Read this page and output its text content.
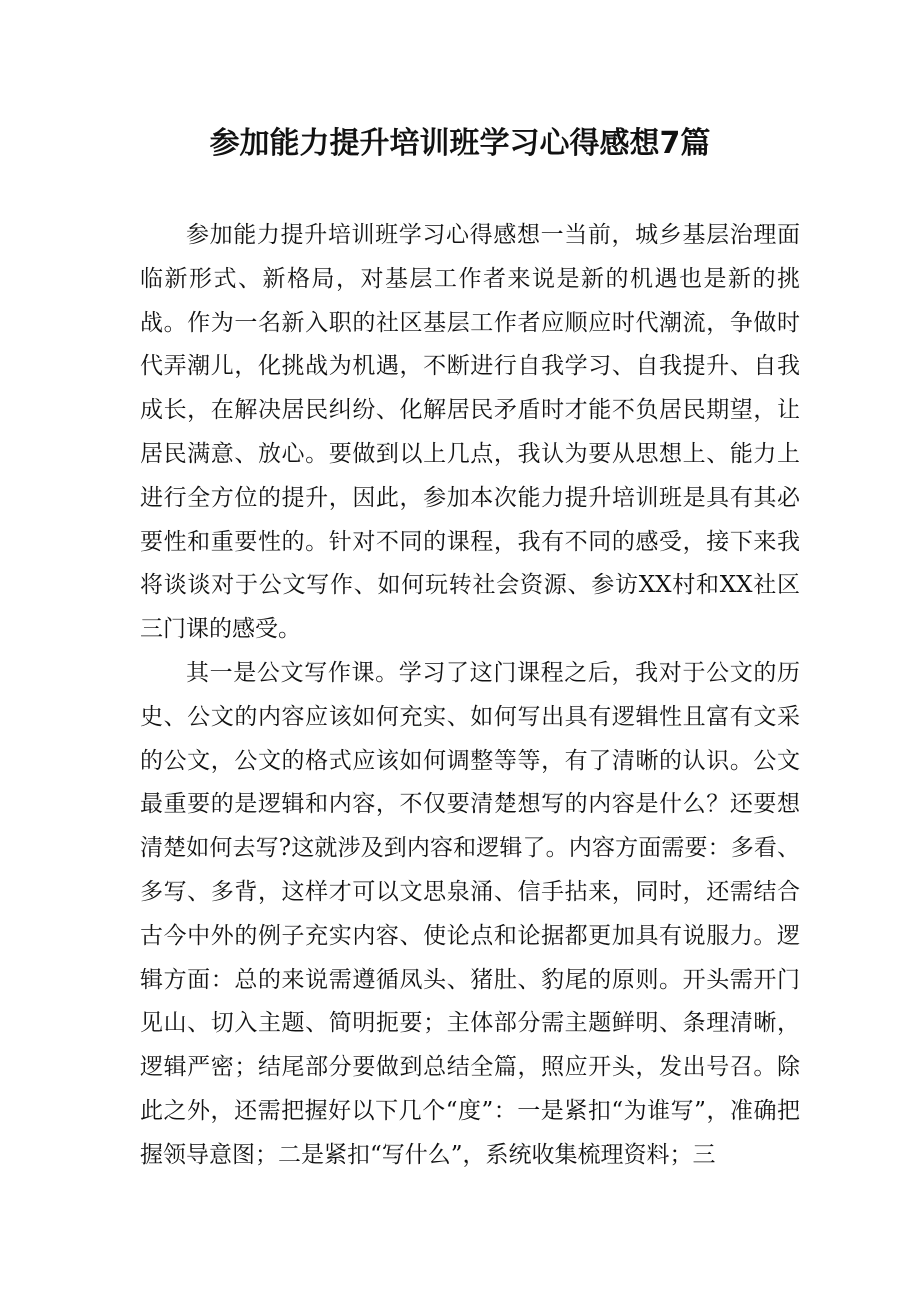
参加能力提升培训班学习心得感想7篇

参加能力提升培训班学习心得感想一当前，城乡基层治理面临新形式、新格局，对基层工作者来说是新的机遇也是新的挑战。作为一名新入职的社区基层工作者应顺应时代潮流，争做时代弄潮儿，化挑战为机遇，不断进行自我学习、自我提升、自我成长，在解决居民纠纷、化解居民矛盾时才能不负居民期望，让居民满意、放心。要做到以上几点，我认为要从思想上、能力上进行全方位的提升，因此，参加本次能力提升培训班是具有其必要性和重要性的。针对不同的课程，我有不同的感受，接下来我将谈谈对于公文写作、如何玩转社会资源、参访XX村和XX社区三门课的感受。

其一是公文写作课。学习了这门课程之后，我对于公文的历史、公文的内容应该如何充实、如何写出具有逻辑性且富有文采的公文，公文的格式应该如何调整等等，有了清晰的认识。公文最重要的是逻辑和内容，不仅要清楚想写的内容是什么？还要想清楚如何去写?这就涉及到内容和逻辑了。内容方面需要：多看、多写、多背，这样才可以文思泉涌、信手拈来，同时，还需结合古今中外的例子充实内容、使论点和论据都更加具有说服力。逻辑方面：总的来说需遵循凤头、猪肚、豹尾的原则。开头需开门见山、切入主题、简明扼要；主体部分需主题鲜明、条理清晰，逻辑严密；结尾部分要做到总结全篇，照应开头，发出号召。除此之外，还需把握好以下几个“度”：一是紧扣“为谁写”，准确把握领导意图；二是紧扣“写什么”，系统收集梳理资料；三
